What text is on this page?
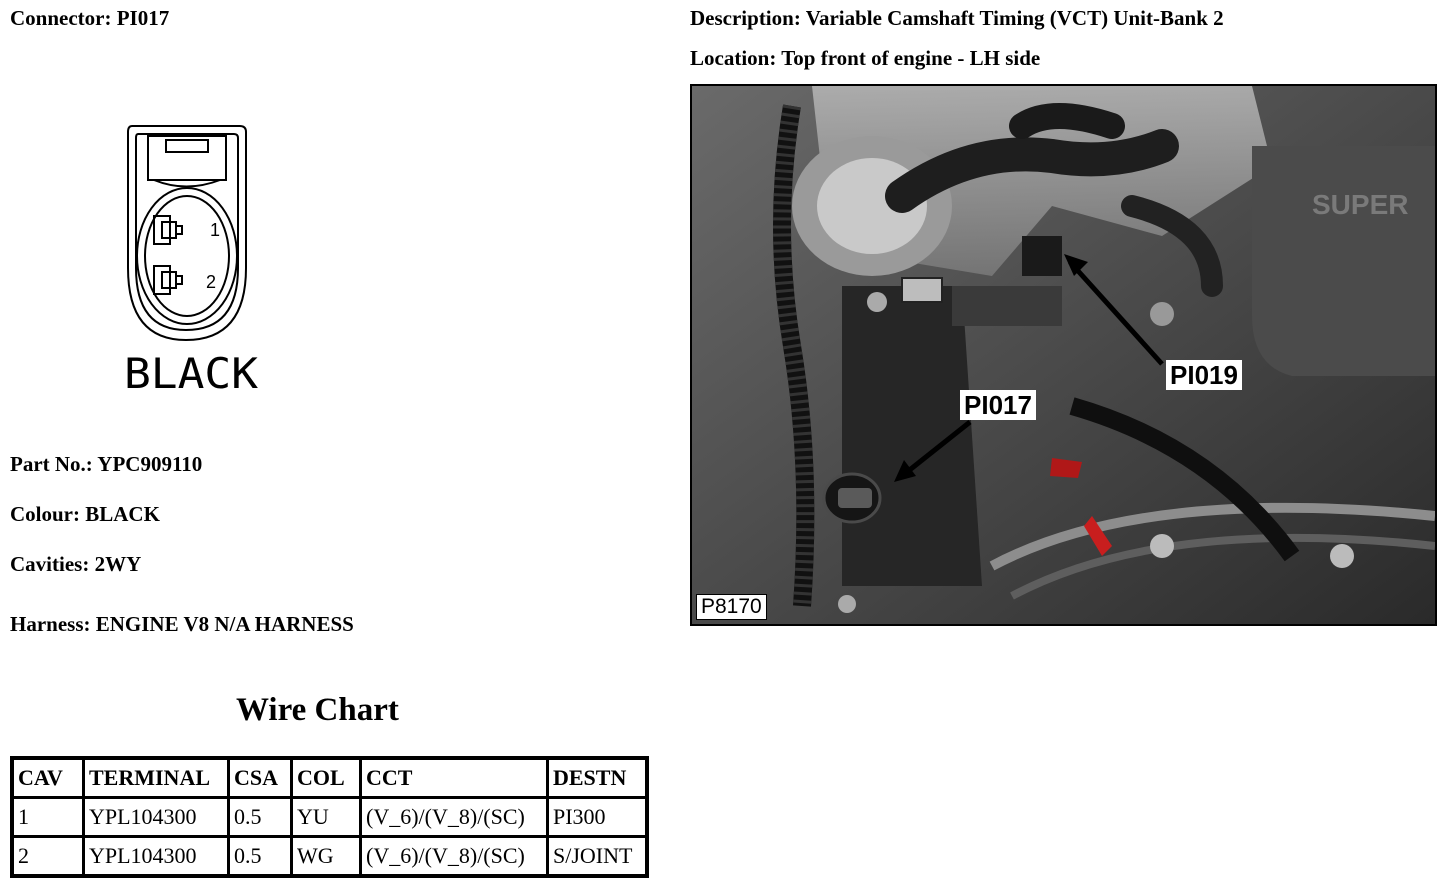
Connector: PI017
1
2
BLACK
Part No.: YPC909110
Colour: BLACK
Cavities: 2WY
Harness: ENGINE V8 N/A HARNESS
Wire Chart
CAV	TERMINAL	CSA	COL	CCT	DESTN
1	YPL104300	0.5	YU	(V_6)/(V_8)/(SC)	PI300
2	YPL104300	0.5	WG	(V_6)/(V_8)/(SC)	S/JOINT
Description: Variable Camshaft Timing (VCT) Unit-Bank 2
Location: Top front of engine - LH side
SUPER
PI019
PI017
P8170
